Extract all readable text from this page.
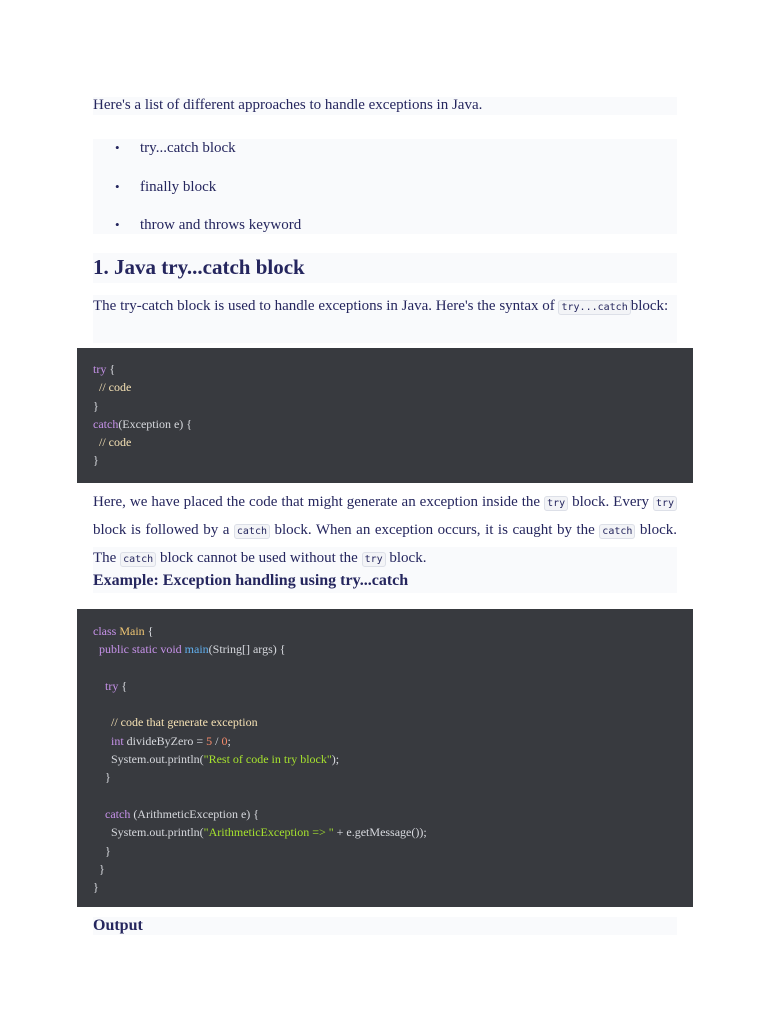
Here's a list of different approaches to handle exceptions in Java.
• try...catch block
• finally block
• throw and throws keyword
1. Java try...catch block
The try-catch block is used to handle exceptions in Java. Here's the syntax of try...catch block:
try {
// code
}
catch(Exception e) {
// code
}
Here, we have placed the code that might generate an exception inside the try block. Every try block is followed by a catch block. When an exception occurs, it is caught by the catch block. The catch block cannot be used without the try block.
Example: Exception handling using try...catch
class Main {
public static void main(String[] args) {

try {

// code that generate exception
int divideByZero = 5 / 0;
System.out.println("Rest of code in try block");
}

catch (ArithmeticException e) {
System.out.println("ArithmeticException => " + e.getMessage());
}
}
}
Output
